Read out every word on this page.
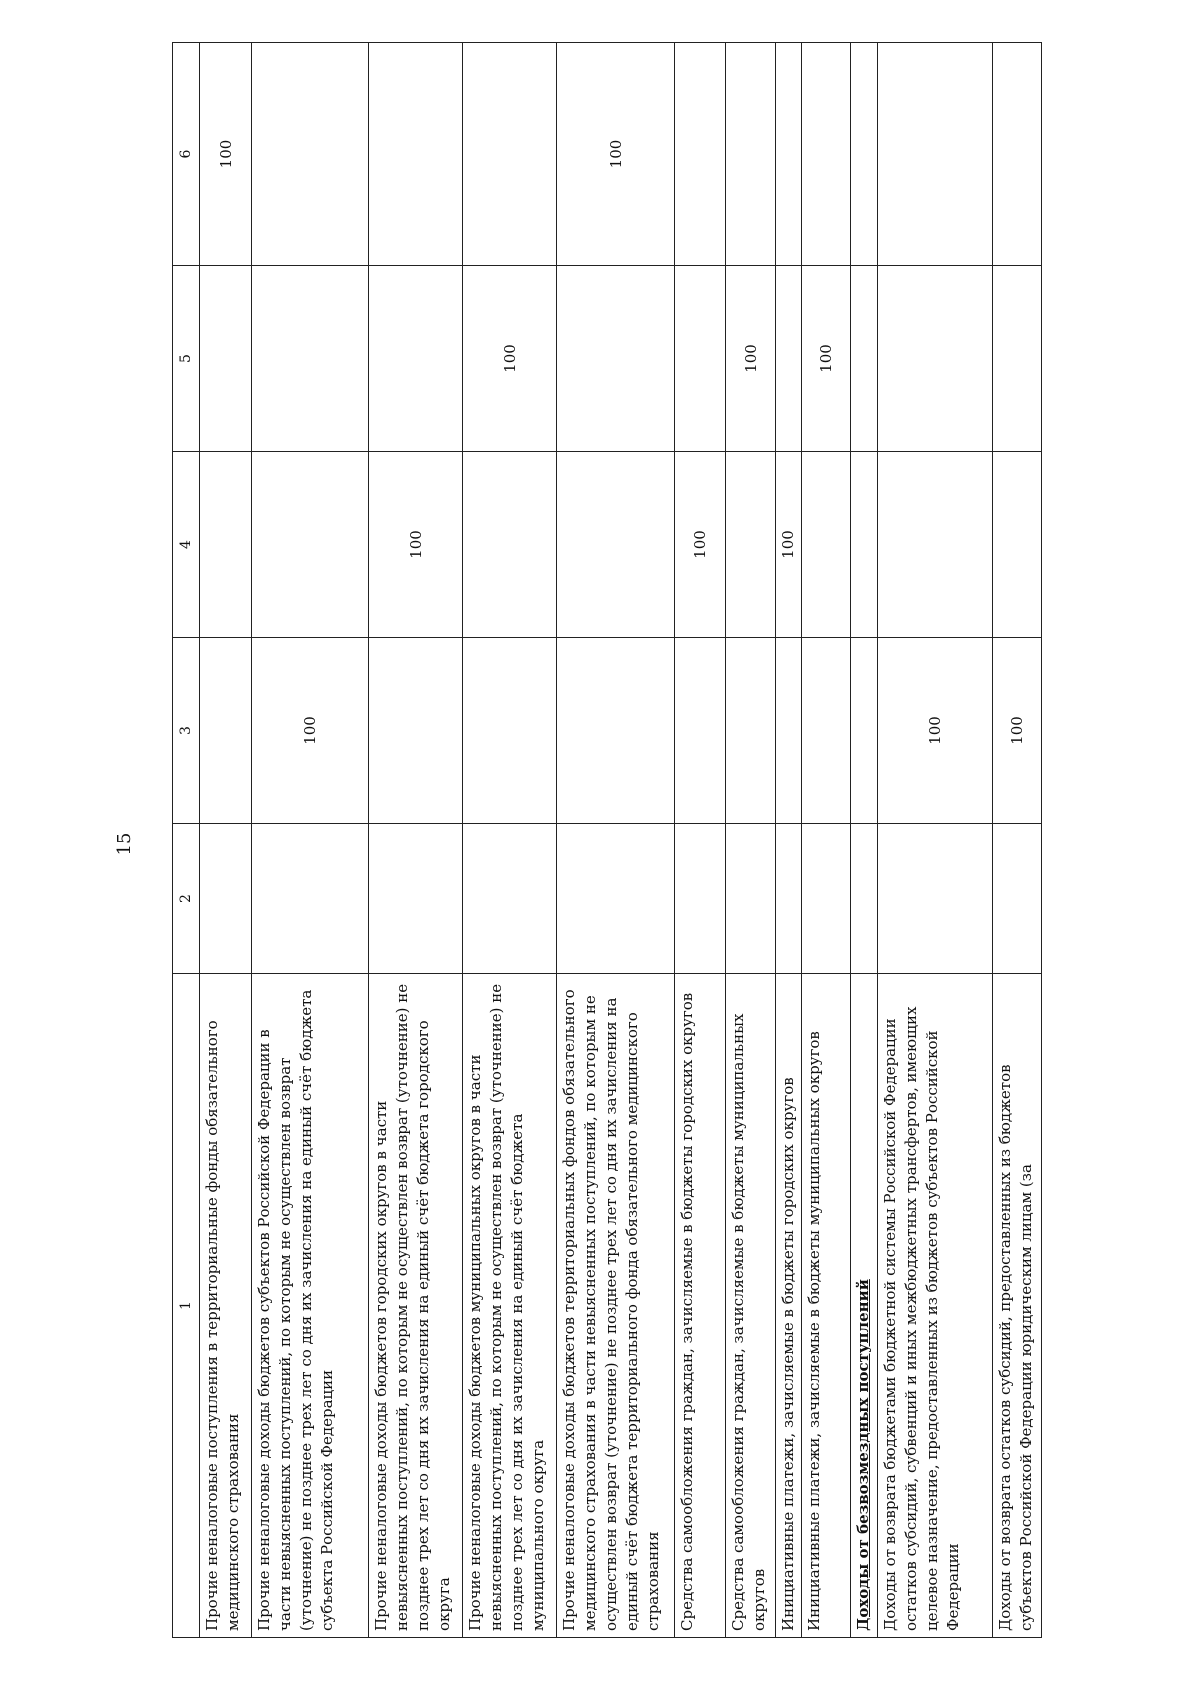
15
1	2	3	4	5	6
Прочие неналоговые поступления в территориальные фонды обязательного медицинского страхования					100
Прочие неналоговые доходы бюджетов субъектов Российской Федерации в части невыясненных поступлений, по которым не осуществлен возврат (уточнение) не позднее трех лет со дня их зачисления на единый счёт бюджета субъекта Российской Федерации		100			
Прочие неналоговые доходы бюджетов городских округов в части невыясненных поступлений, по которым не осуществлен возврат (уточнение) не позднее трех лет со дня их зачисления на единый счёт бюджета городского округа			100		
Прочие неналоговые доходы бюджетов муниципальных округов в части невыясненных поступлений, по которым не осуществлен возврат (уточнение) не позднее трех лет со дня их зачисления на единый счёт бюджета муниципального округа				100	
Прочие неналоговые доходы бюджетов территориальных фондов обязательного медицинского страхования в части невыясненных поступлений, по которым не осуществлен возврат (уточнение) не позднее трех лет со дня их зачисления на единый счёт бюджета территориального фонда обязательного медицинского страхования					100
Средства самообложения граждан, зачисляемые в бюджеты городских округов			100		
Средства самообложения граждан, зачисляемые в бюджеты муниципальных округов				100	
Инициативные платежи, зачисляемые в бюджеты городских округов			100		
Инициативные платежи, зачисляемые в бюджеты муниципальных округов				100	
Доходы от безвозмездных поступлений					
Доходы от возврата бюджетами бюджетной системы Российской Федерации остатков субсидий, субвенций и иных межбюджетных трансфертов, имеющих целевое назначение, предоставленных из бюджетов субъектов Российской Федерации		100			
Доходы от возврата остатков субсидий, предоставленных из бюджетов субъектов Российской Федерации юридическим лицам (за		100			
